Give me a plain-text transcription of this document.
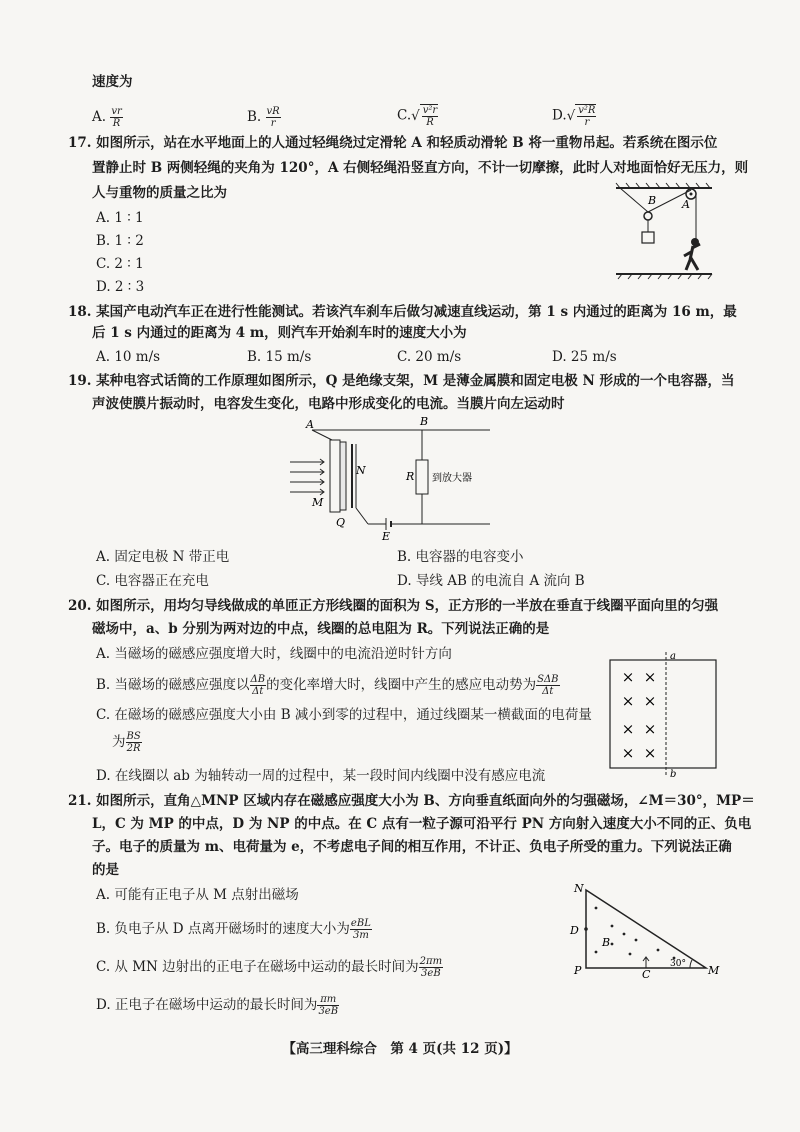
速度为
A. $\frac{vr}{R}$	B. $\frac{vR}{r}$	$C.√ \frac{\text{v²r}}{R}$	$D.√ \frac{\text{v²R}}{r}$
17. 如图所示，站在水平地面上的人通过轻绳绕过定滑轮 A 和轻质动滑轮 B 将一重物吊起。若系统在图示位
置静止时 B 两侧轻绳的夹角为 120°，A 右侧轻绳沿竖直方向，不计一切摩擦，此时人对地面恰好无压力，则
人与重物的质量之比为
A. 1 ∶ 1
B. 1 ∶ 2
C. 2 ∶ 1
D. 2 ∶ 3
B A
18. 某国产电动汽车正在进行性能测试。若该汽车刹车后做匀减速直线运动，第 1 s 内通过的距离为 16 m，最
后 1 s 内通过的距离为 4 m，则汽车开始刹车时的速度大小为
A. 10 m/s	B. 15 m/s	C. 20 m/s	D. 25 m/s
19. 某种电容式话筒的工作原理如图所示，Q 是绝缘支架，M 是薄金属膜和固定电极 N 形成的一个电容器，当
声波使膜片振动时，电容发生变化，电路中形成变化的电流。当膜片向左运动时
A	B
N
M
Q
E
R 到放大器
A. 固定电极 N 带正电	B. 电容器的电容变小
C. 电容器正在充电	D. 导线 AB 的电流自 A 流向 B
20. 如图所示，用均匀导线做成的单匝正方形线圈的面积为 S，正方形的一半放在垂直于线圈平面向里的匀强
磁场中，a、b 分别为两对边的中点，线圈的总电阻为 R。下列说法正确的是
A. 当磁场的磁感应强度增大时，线圈中的电流沿逆时针方向
B. 当磁场的磁感应强度以 $\frac{\Delta B}{\Delta t}$ 的变化率增大时，线圈中产生的感应电动势为 $\frac{\text{SΔB}}{\Delta t}$
C. 在磁场的磁感应强度大小由 B 减小到零的过程中，通过线圈某一横截面的电荷量
为 $\frac{BS}{2R}$
D. 在线圈以 ab 为轴转动一周的过程中，某一段时间内线圈中没有感应电流
a
b
× ×
× ×
× ×
× ×
21. 如图所示，直角△MNP 区域内存在磁感应强度大小为 B、方向垂直纸面向外的匀强磁场，∠M＝30°，MP＝
L，C 为 MP 的中点，D 为 NP 的中点。在 C 点有一粒子源可沿平行 PN 方向射入速度大小不同的正、负电
子。电子的质量为 m、电荷量为 e，不考虑电子间的相互作用，不计正、负电子所受的重力。下列说法正确
的是
A. 可能有正电子从 M 点射出磁场
B. 负电子从 D 点离开磁场时的速度大小为 $\frac{\text{eBL}}{3m}$
C. 从 MN 边射出的正电子在磁场中运动的最长时间为 $\frac{2\pi m}{3eB}$
D. 正电子在磁场中运动的最长时间为 $\frac{\pi m}{3eB}$
N
D
B
P	C	M
30°
【高三理科综合　第 4 页(共 12 页)】
